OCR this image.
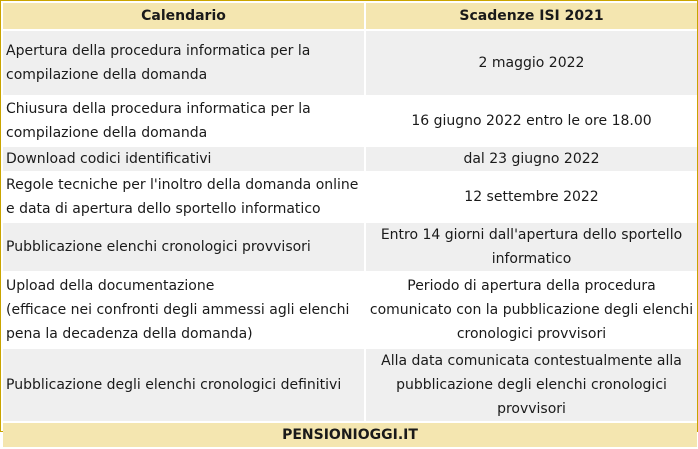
Calendario	Scadenze ISI 2021

Apertura della procedura informatica per la
compilazione della domanda	2 maggio 2022

Chiusura della procedura informatica per la
compilazione della domanda	16 giugno 2022 entro le ore 18.00

Download codici identificativi	dal 23 giugno 2022

Regole tecniche per l'inoltro della domanda online
e data di apertura dello sportello informatico	12 settembre 2022

Pubblicazione elenchi cronologici provvisori	Entro 14 giorni dall'apertura dello sportello
informatico

Upload della documentazione
(efficace nei confronti degli ammessi agli elenchi
pena la decadenza della domanda)	Periodo di apertura della procedura
comunicato con la pubblicazione degli elenchi
cronologici provvisori

Pubblicazione degli elenchi cronologici definitivi	Alla data comunicata contestualmente alla
pubblicazione degli elenchi cronologici
provvisori

PENSIONIOGGI.IT	
